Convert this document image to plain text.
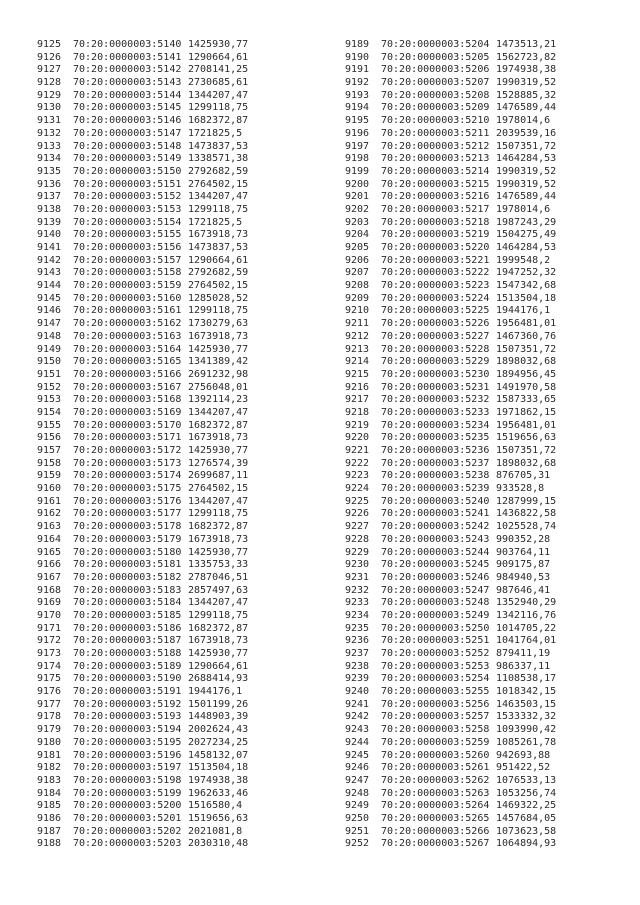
9125 70:20:0000003:5140 1425930,77
9126 70:20:0000003:5141 1290664,61
9127 70:20:0000003:5142 2708141,25
9128 70:20:0000003:5143 2730685,61
9129 70:20:0000003:5144 1344207,47
9130 70:20:0000003:5145 1299118,75
9131 70:20:0000003:5146 1682372,87
9132 70:20:0000003:5147 1721825,5
9133 70:20:0000003:5148 1473837,53
9134 70:20:0000003:5149 1338571,38
9135 70:20:0000003:5150 2792682,59
9136 70:20:0000003:5151 2764502,15
9137 70:20:0000003:5152 1344207,47
9138 70:20:0000003:5153 1299118,75
9139 70:20:0000003:5154 1721825,5
9140 70:20:0000003:5155 1673918,73
9141 70:20:0000003:5156 1473837,53
9142 70:20:0000003:5157 1290664,61
9143 70:20:0000003:5158 2792682,59
9144 70:20:0000003:5159 2764502,15
9145 70:20:0000003:5160 1285028,52
9146 70:20:0000003:5161 1299118,75
9147 70:20:0000003:5162 1730279,63
9148 70:20:0000003:5163 1673918,73
9149 70:20:0000003:5164 1425930,77
9150 70:20:0000003:5165 1341389,42
9151 70:20:0000003:5166 2691232,98
9152 70:20:0000003:5167 2756048,01
9153 70:20:0000003:5168 1392114,23
9154 70:20:0000003:5169 1344207,47
9155 70:20:0000003:5170 1682372,87
9156 70:20:0000003:5171 1673918,73
9157 70:20:0000003:5172 1425930,77
9158 70:20:0000003:5173 1276574,39
9159 70:20:0000003:5174 2699687,11
9160 70:20:0000003:5175 2764502,15
9161 70:20:0000003:5176 1344207,47
9162 70:20:0000003:5177 1299118,75
9163 70:20:0000003:5178 1682372,87
9164 70:20:0000003:5179 1673918,73
9165 70:20:0000003:5180 1425930,77
9166 70:20:0000003:5181 1335753,33
9167 70:20:0000003:5182 2787046,51
9168 70:20:0000003:5183 2857497,63
9169 70:20:0000003:5184 1344207,47
9170 70:20:0000003:5185 1299118,75
9171 70:20:0000003:5186 1682372,87
9172 70:20:0000003:5187 1673918,73
9173 70:20:0000003:5188 1425930,77
9174 70:20:0000003:5189 1290664,61
9175 70:20:0000003:5190 2688414,93
9176 70:20:0000003:5191 1944176,1
9177 70:20:0000003:5192 1501199,26
9178 70:20:0000003:5193 1448903,39
9179 70:20:0000003:5194 2002624,43
9180 70:20:0000003:5195 2027234,25
9181 70:20:0000003:5196 1458132,07
9182 70:20:0000003:5197 1513504,18
9183 70:20:0000003:5198 1974938,38
9184 70:20:0000003:5199 1962633,46
9185 70:20:0000003:5200 1516580,4
9186 70:20:0000003:5201 1519656,63
9187 70:20:0000003:5202 2021081,8
9188 70:20:0000003:5203 2030310,48
9189 70:20:0000003:5204 1473513,21
9190 70:20:0000003:5205 1562723,82
9191 70:20:0000003:5206 1974938,38
9192 70:20:0000003:5207 1990319,52
9193 70:20:0000003:5208 1528885,32
9194 70:20:0000003:5209 1476589,44
9195 70:20:0000003:5210 1978014,6
9196 70:20:0000003:5211 2039539,16
9197 70:20:0000003:5212 1507351,72
9198 70:20:0000003:5213 1464284,53
9199 70:20:0000003:5214 1990319,52
9200 70:20:0000003:5215 1990319,52
9201 70:20:0000003:5216 1476589,44
9202 70:20:0000003:5217 1978014,6
9203 70:20:0000003:5218 1987243,29
9204 70:20:0000003:5219 1504275,49
9205 70:20:0000003:5220 1464284,53
9206 70:20:0000003:5221 1999548,2
9207 70:20:0000003:5222 1947252,32
9208 70:20:0000003:5223 1547342,68
9209 70:20:0000003:5224 1513504,18
9210 70:20:0000003:5225 1944176,1
9211 70:20:0000003:5226 1956481,01
9212 70:20:0000003:5227 1467360,76
9213 70:20:0000003:5228 1507351,72
9214 70:20:0000003:5229 1898032,68
9215 70:20:0000003:5230 1894956,45
9216 70:20:0000003:5231 1491970,58
9217 70:20:0000003:5232 1587333,65
9218 70:20:0000003:5233 1971862,15
9219 70:20:0000003:5234 1956481,01
9220 70:20:0000003:5235 1519656,63
9221 70:20:0000003:5236 1507351,72
9222 70:20:0000003:5237 1898032,68
9223 70:20:0000003:5238 876705,31
9224 70:20:0000003:5239 933528,8
9225 70:20:0000003:5240 1287999,15
9226 70:20:0000003:5241 1436822,58
9227 70:20:0000003:5242 1025528,74
9228 70:20:0000003:5243 990352,28
9229 70:20:0000003:5244 903764,11
9230 70:20:0000003:5245 909175,87
9231 70:20:0000003:5246 984940,53
9232 70:20:0000003:5247 987646,41
9233 70:20:0000003:5248 1352940,29
9234 70:20:0000003:5249 1342116,76
9235 70:20:0000003:5250 1014705,22
9236 70:20:0000003:5251 1041764,01
9237 70:20:0000003:5252 879411,19
9238 70:20:0000003:5253 986337,11
9239 70:20:0000003:5254 1108538,17
9240 70:20:0000003:5255 1018342,15
9241 70:20:0000003:5256 1463503,15
9242 70:20:0000003:5257 1533332,32
9243 70:20:0000003:5258 1093990,42
9244 70:20:0000003:5259 1085261,78
9245 70:20:0000003:5260 942693,88
9246 70:20:0000003:5261 951422,52
9247 70:20:0000003:5262 1076533,13
9248 70:20:0000003:5263 1053256,74
9249 70:20:0000003:5264 1469322,25
9250 70:20:0000003:5265 1457684,05
9251 70:20:0000003:5266 1073623,58
9252 70:20:0000003:5267 1064894,93
